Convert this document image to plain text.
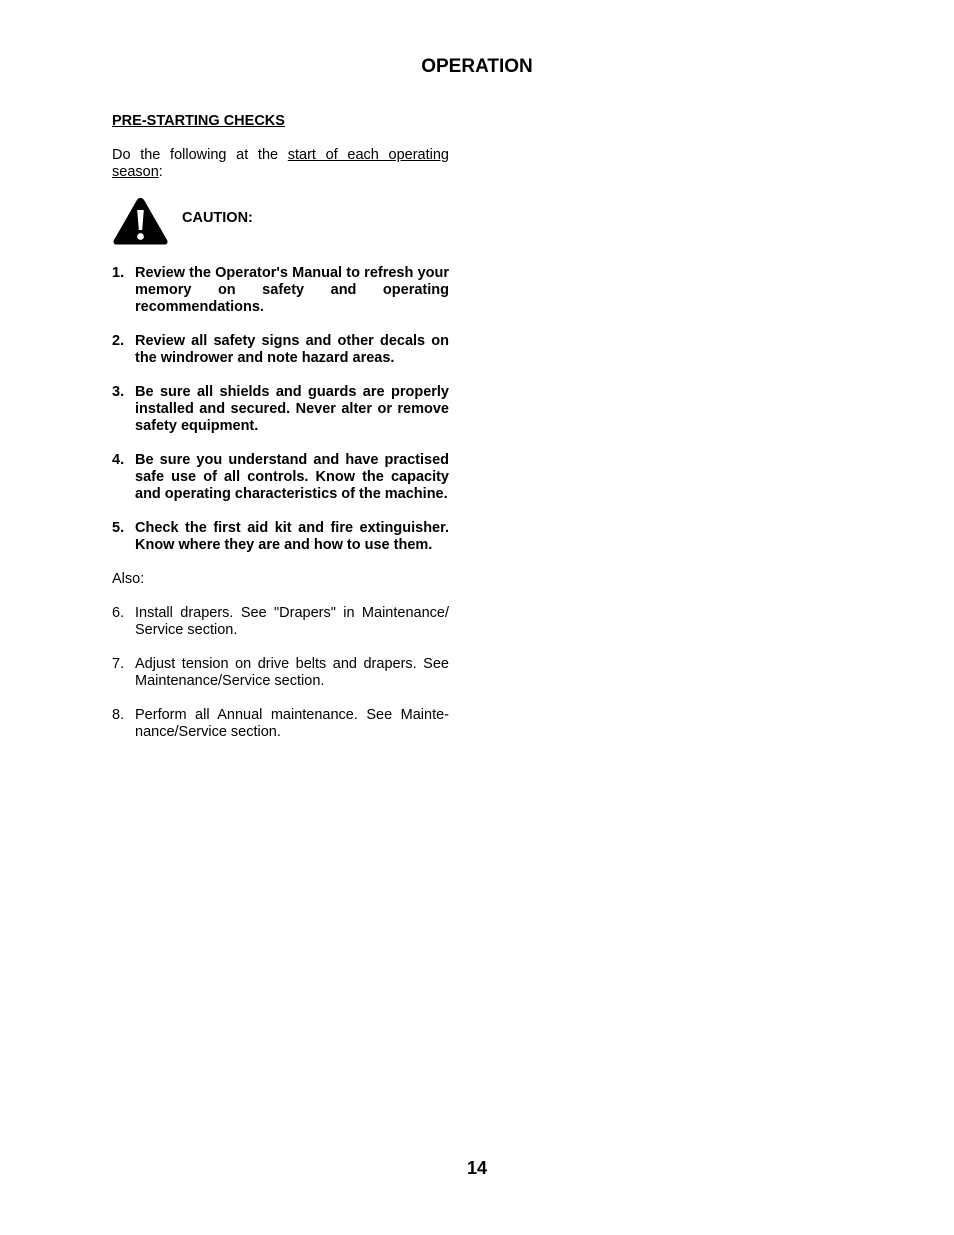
OPERATION
PRE-STARTING CHECKS

Do the following at the start of each operating season:

CAUTION:
1. Review the Operator's Manual to refresh your memory on safety and operating recommendations.
2. Review all safety signs and other decals on the windrower and note hazard areas.
3. Be sure all shields and guards are properly installed and secured. Never alter or remove safety equipment.
4. Be sure you understand and have practised safe use of all controls. Know the capacity and operating characteristics of the machine.
5. Check the first aid kit and fire extinguisher. Know where they are and how to use them.
Also:
6. Install drapers. See "Drapers" in Maintenance/ Service section.
7. Adjust tension on drive belts and drapers. See Maintenance/Service section.
8. Perform all Annual maintenance. See Mainte-nance/Service section.
14
